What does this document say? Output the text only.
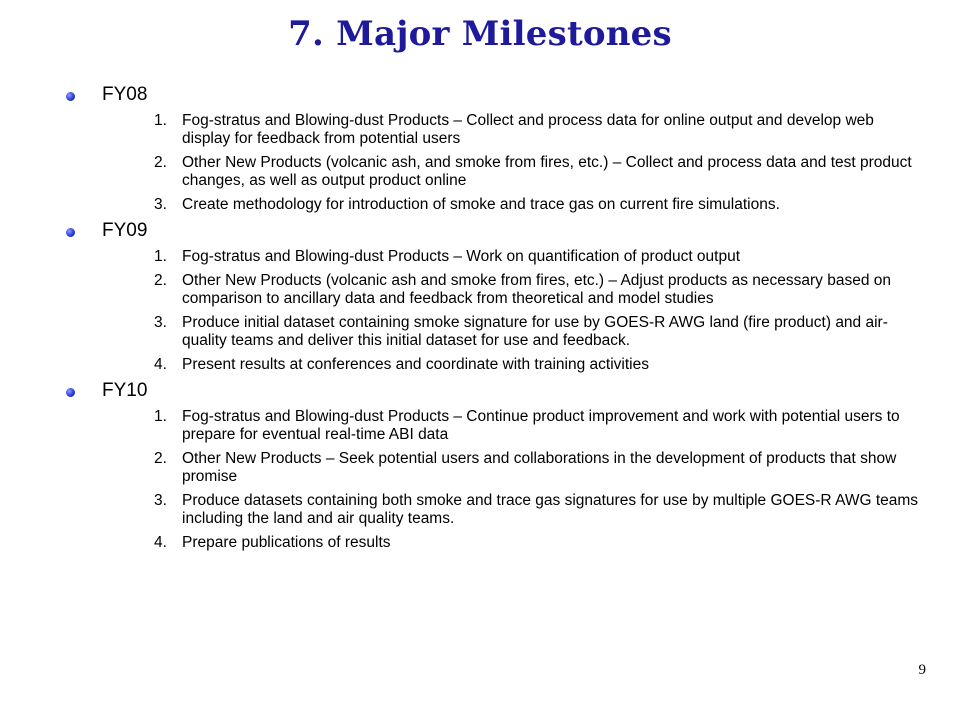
7. Major Milestones
FY08
1. Fog-stratus and Blowing-dust Products – Collect and process data for online output and develop web display for feedback from potential users
2. Other New Products (volcanic ash, and smoke from fires, etc.) – Collect and process data and test product changes, as well as output product online
3. Create methodology for introduction of smoke and trace gas on current fire simulations.
FY09
1. Fog-stratus and Blowing-dust Products – Work on quantification of product output
2. Other New Products (volcanic ash and smoke from fires, etc.) – Adjust products as necessary based on comparison to ancillary data and feedback from theoretical and model studies
3. Produce initial dataset containing smoke signature for use by GOES-R AWG land (fire product) and air-quality teams and deliver this initial dataset for use and feedback.
4. Present results at conferences and coordinate with training activities
FY10
1. Fog-stratus and Blowing-dust Products – Continue product improvement and work with potential users to prepare for eventual real-time ABI data
2. Other New Products – Seek potential users and collaborations in the development of products that show promise
3. Produce datasets containing both smoke and trace gas signatures for use by multiple GOES-R AWG teams including the land and air quality teams.
4. Prepare publications of results
9
